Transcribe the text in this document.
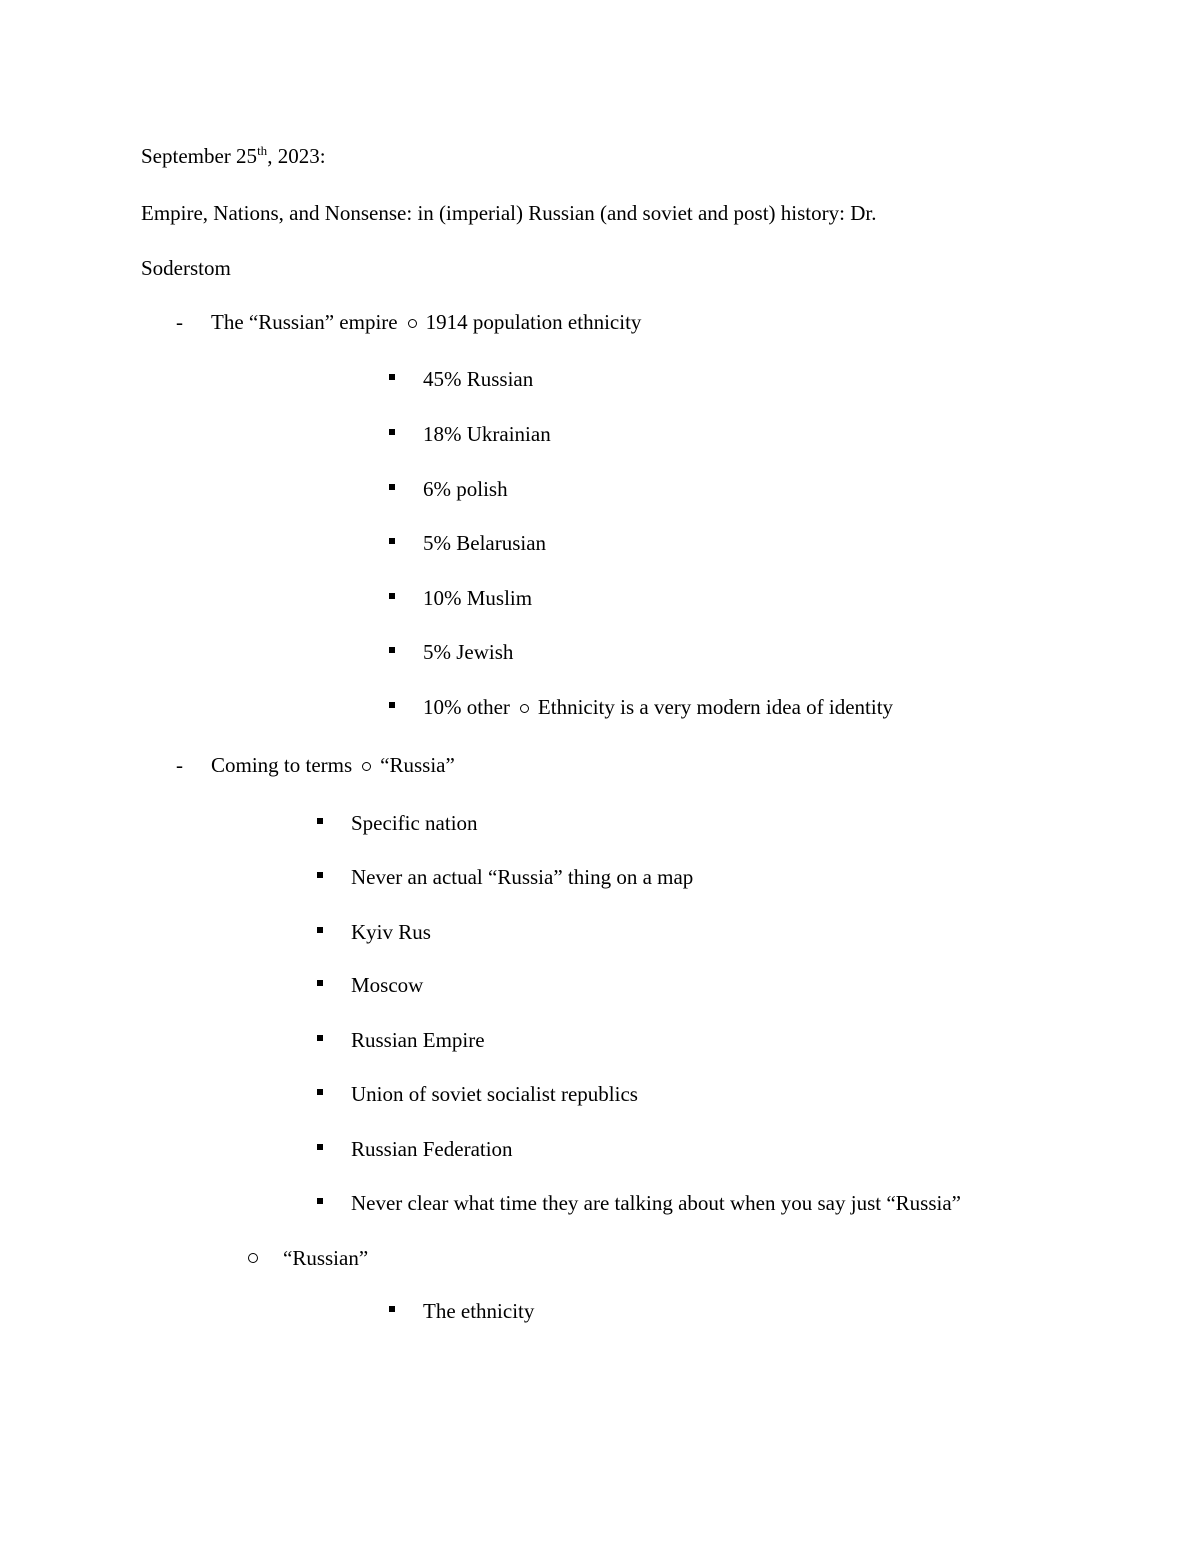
September 25th, 2023:
Empire, Nations, and Nonsense: in (imperial) Russian (and soviet and post) history: Dr.
Soderstom
- The “Russian” empire 1914 population ethnicity
45% Russian
18% Ukrainian
6% polish
5% Belarusian
10% Muslim
5% Jewish
10% other Ethnicity is a very modern idea of identity
- Coming to terms “Russia”
Specific nation
Never an actual “Russia” thing on a map
Kyiv Rus
Moscow
Russian Empire
Union of soviet socialist republics
Russian Federation
Never clear what time they are talking about when you say just “Russia”
“Russian”
The ethnicity
